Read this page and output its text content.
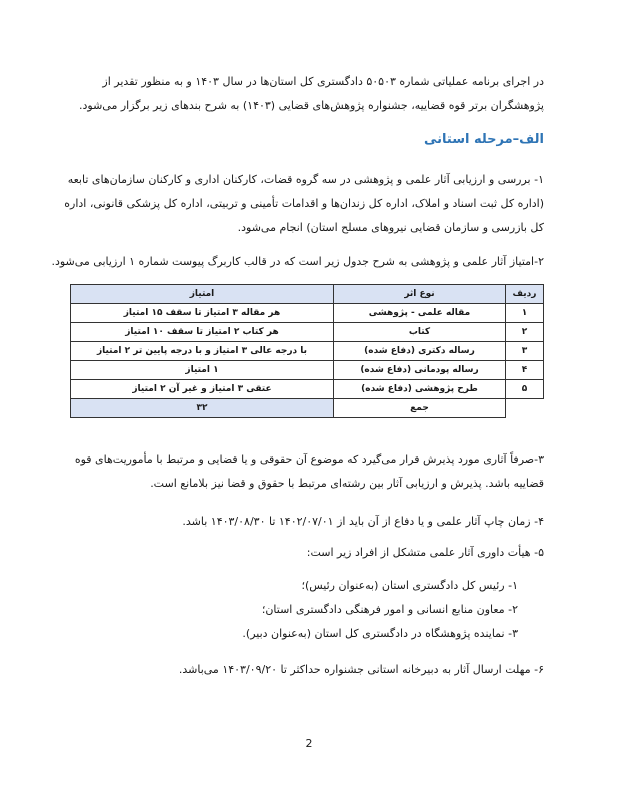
در اجرای برنامه عملیاتی شماره ۵۰۵۰۳ دادگستری کل استان‌ها در سال ۱۴۰۳ و به منظور تقدیر از
پژوهشگران برتر قوه قضاییه، جشنواره پژوهش‌های قضایی (۱۴۰۳) به شرح بندهای زیر برگزار می‌شود.

الف–مرحله استانی

۱- بررسی و ارزیابی آثار علمی و پژوهشی در سه گروه قضات، کارکنان اداری و کارکنان سازمان‌های تابعه
(اداره کل ثبت اسناد و املاک، اداره کل زندان‌ها و اقدامات تأمینی و تربیتی، اداره کل پزشکی قانونی، اداره
کل بازرسی و سازمان قضایی نیروهای مسلح استان) انجام می‌شود.

۲-امتیاز آثار علمی و پژوهشی به شرح جدول زیر است که در قالب کاربرگ پیوست شماره ۱ ارزیابی می‌شود.

ردیف	نوع اثر	امتیاز
۱	مقاله علمی - پژوهشی	هر مقاله ۳ امتیاز تا سقف ۱۵ امتیاز
۲	کتاب	هر کتاب ۲ امتیاز تا سقف ۱۰ امتیاز
۳	رساله دکتری (دفاع شده)	با درجه عالی ۳ امتیاز و با درجه پایین تر ۲ امتیاز
۴	رساله پودمانی (دفاع شده)	۱ امتیاز
۵	طرح پژوهشی (دفاع شده)	عتقی ۳ امتیاز و غیر آن ۲ امتیاز
	جمع	۳۲

۳-صرفاً آثاری مورد پذیرش قرار می‌گیرد که موضوع آن حقوقی و یا قضایی و مرتبط با مأموریت‌های قوه
قضاییه باشد. پذیرش و ارزیابی آثار بین رشته‌ای مرتبط با حقوق و قضا نیز بلامانع است.

۴- زمان چاپ آثار علمی و یا دفاع از آن باید از ۱۴۰۲/۰۷/۰۱ تا ۱۴۰۳/۰۸/۳۰ باشد.

۵- هیأت داوری آثار علمی متشکل از افراد زیر است:

۱- رئیس کل دادگستری استان (به‌عنوان رئیس)؛

۲- معاون منابع انسانی و امور فرهنگی دادگستری استان؛

۳- نماینده پژوهشگاه در دادگستری کل استان (به‌عنوان دبیر).

۶- مهلت ارسال آثار به دبیرخانه استانی جشنواره حداکثر تا ۱۴۰۳/۰۹/۲۰ می‌باشد.

2
